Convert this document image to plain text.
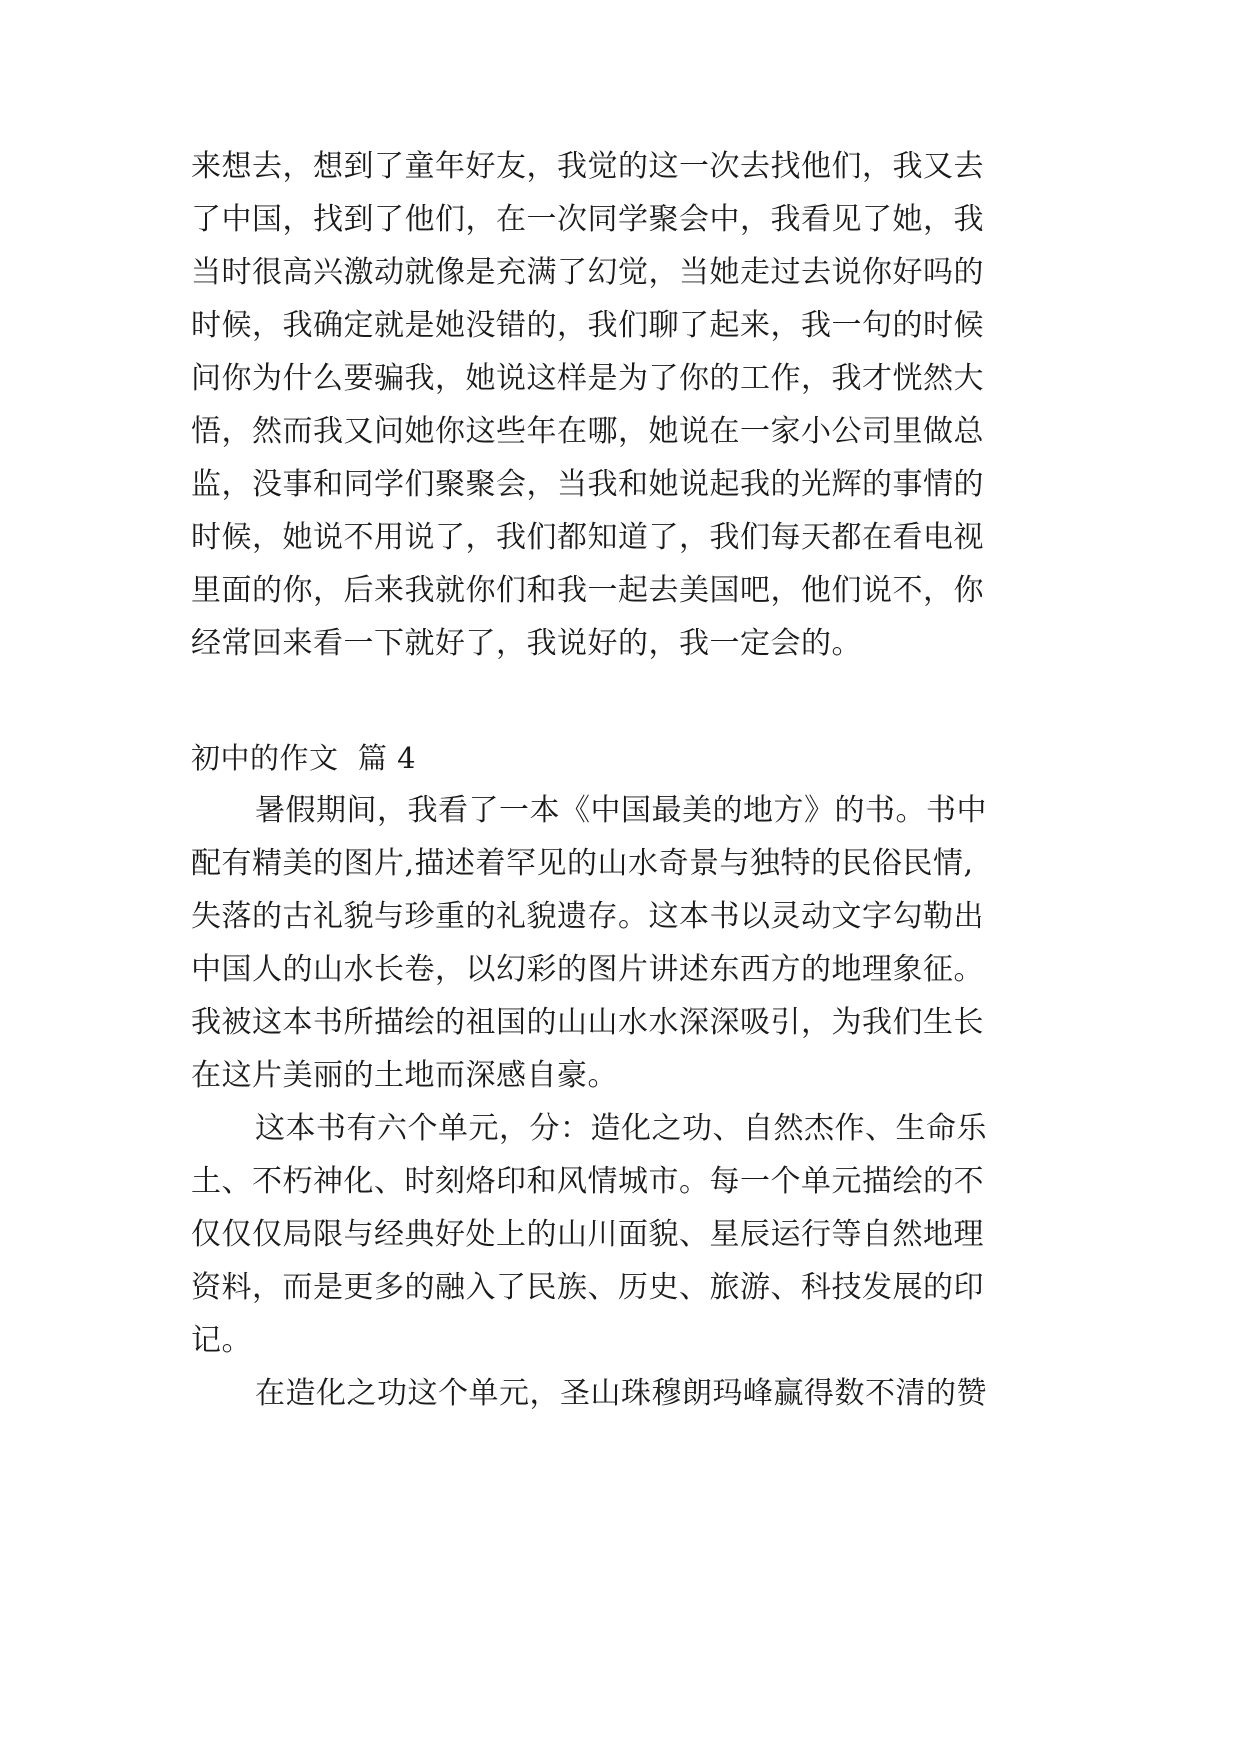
来想去，想到了童年好友，我觉的这一次去找他们，我又去
了中国，找到了他们，在一次同学聚会中，我看见了她，我
当时很高兴激动就像是充满了幻觉，当她走过去说你好吗的
时候，我确定就是她没错的，我们聊了起来，我一句的时候
问你为什么要骗我，她说这样是为了你的工作，我才恍然大
悟，然而我又问她你这些年在哪，她说在一家小公司里做总
监，没事和同学们聚聚会，当我和她说起我的光辉的事情的
时候，她说不用说了，我们都知道了，我们每天都在看电视
里面的你，后来我就你们和我一起去美国吧，他们说不，你
经常回来看一下就好了，我说好的，我一定会的。
初中的作文  篇 4
暑假期间，我看了一本《中国最美的地方》的书。书中
配有精美的图片,描述着罕见的山水奇景与独特的民俗民情,
失落的古礼貌与珍重的礼貌遗存。这本书以灵动文字勾勒出
中国人的山水长卷，以幻彩的图片讲述东西方的地理象征。
我被这本书所描绘的祖国的山山水水深深吸引，为我们生长
在这片美丽的土地而深感自豪。
这本书有六个单元，分：造化之功、自然杰作、生命乐
土、不朽神化、时刻烙印和风情城市。每一个单元描绘的不
仅仅仅局限与经典好处上的山川面貌、星辰运行等自然地理
资料，而是更多的融入了民族、历史、旅游、科技发展的印
记。
在造化之功这个单元，圣山珠穆朗玛峰赢得数不清的赞
